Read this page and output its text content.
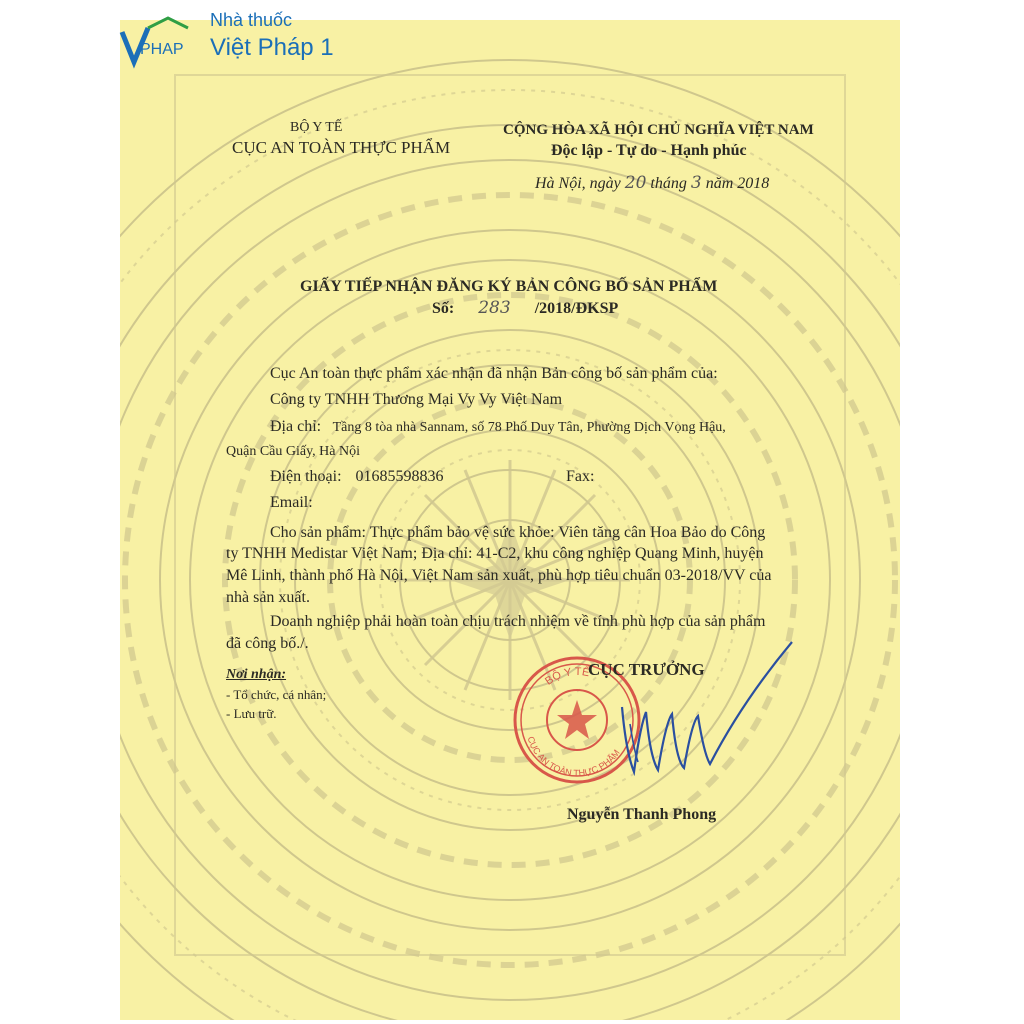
PHAP
Nhà thuốc
Việt Pháp 1
BỘ Y TẾ
CỤC AN TOÀN THỰC PHẨM
CỘNG HÒA XÃ HỘI CHỦ NGHĨA VIỆT NAM
Độc lập - Tự do - Hạnh phúc
Hà Nội, ngày 20 tháng 3 năm 2018
GIẤY TIẾP NHẬN ĐĂNG KÝ BẢN CÔNG BỐ SẢN PHẨM
Số: 283 /2018/ĐKSP
Cục An toàn thực phẩm xác nhận đã nhận Bản công bố sản phẩm của:
Công ty TNHH Thương Mại Vy Vy Việt Nam
Địa chỉ: Tầng 8 tòa nhà Sannam, số 78 Phố Duy Tân, Phường Dịch Vọng Hậu,
Quận Cầu Giấy, Hà Nội
Điện thoại: 01685598836	Fax:
Email:
Cho sản phẩm: Thực phẩm bảo vệ sức khỏe: Viên tăng cân Hoa Bảo do Công
ty TNHH Medistar Việt Nam; Địa chỉ: 41-C2, khu công nghiệp Quang Minh, huyện
Mê Linh, thành phố Hà Nội, Việt Nam sản xuất, phù hợp tiêu chuẩn 03-2018/VV của
nhà sản xuất.
Doanh nghiệp phải hoàn toàn chịu trách nhiệm về tính phù hợp của sản phẩm
đã công bố./.
Nơi nhận:
- Tổ chức, cá nhân;
- Lưu trữ.
BỘ Y TẾ
CỤC AN TOÀN THỰC PHẨM
CỤC TRƯỞNG
Nguyễn Thanh Phong
